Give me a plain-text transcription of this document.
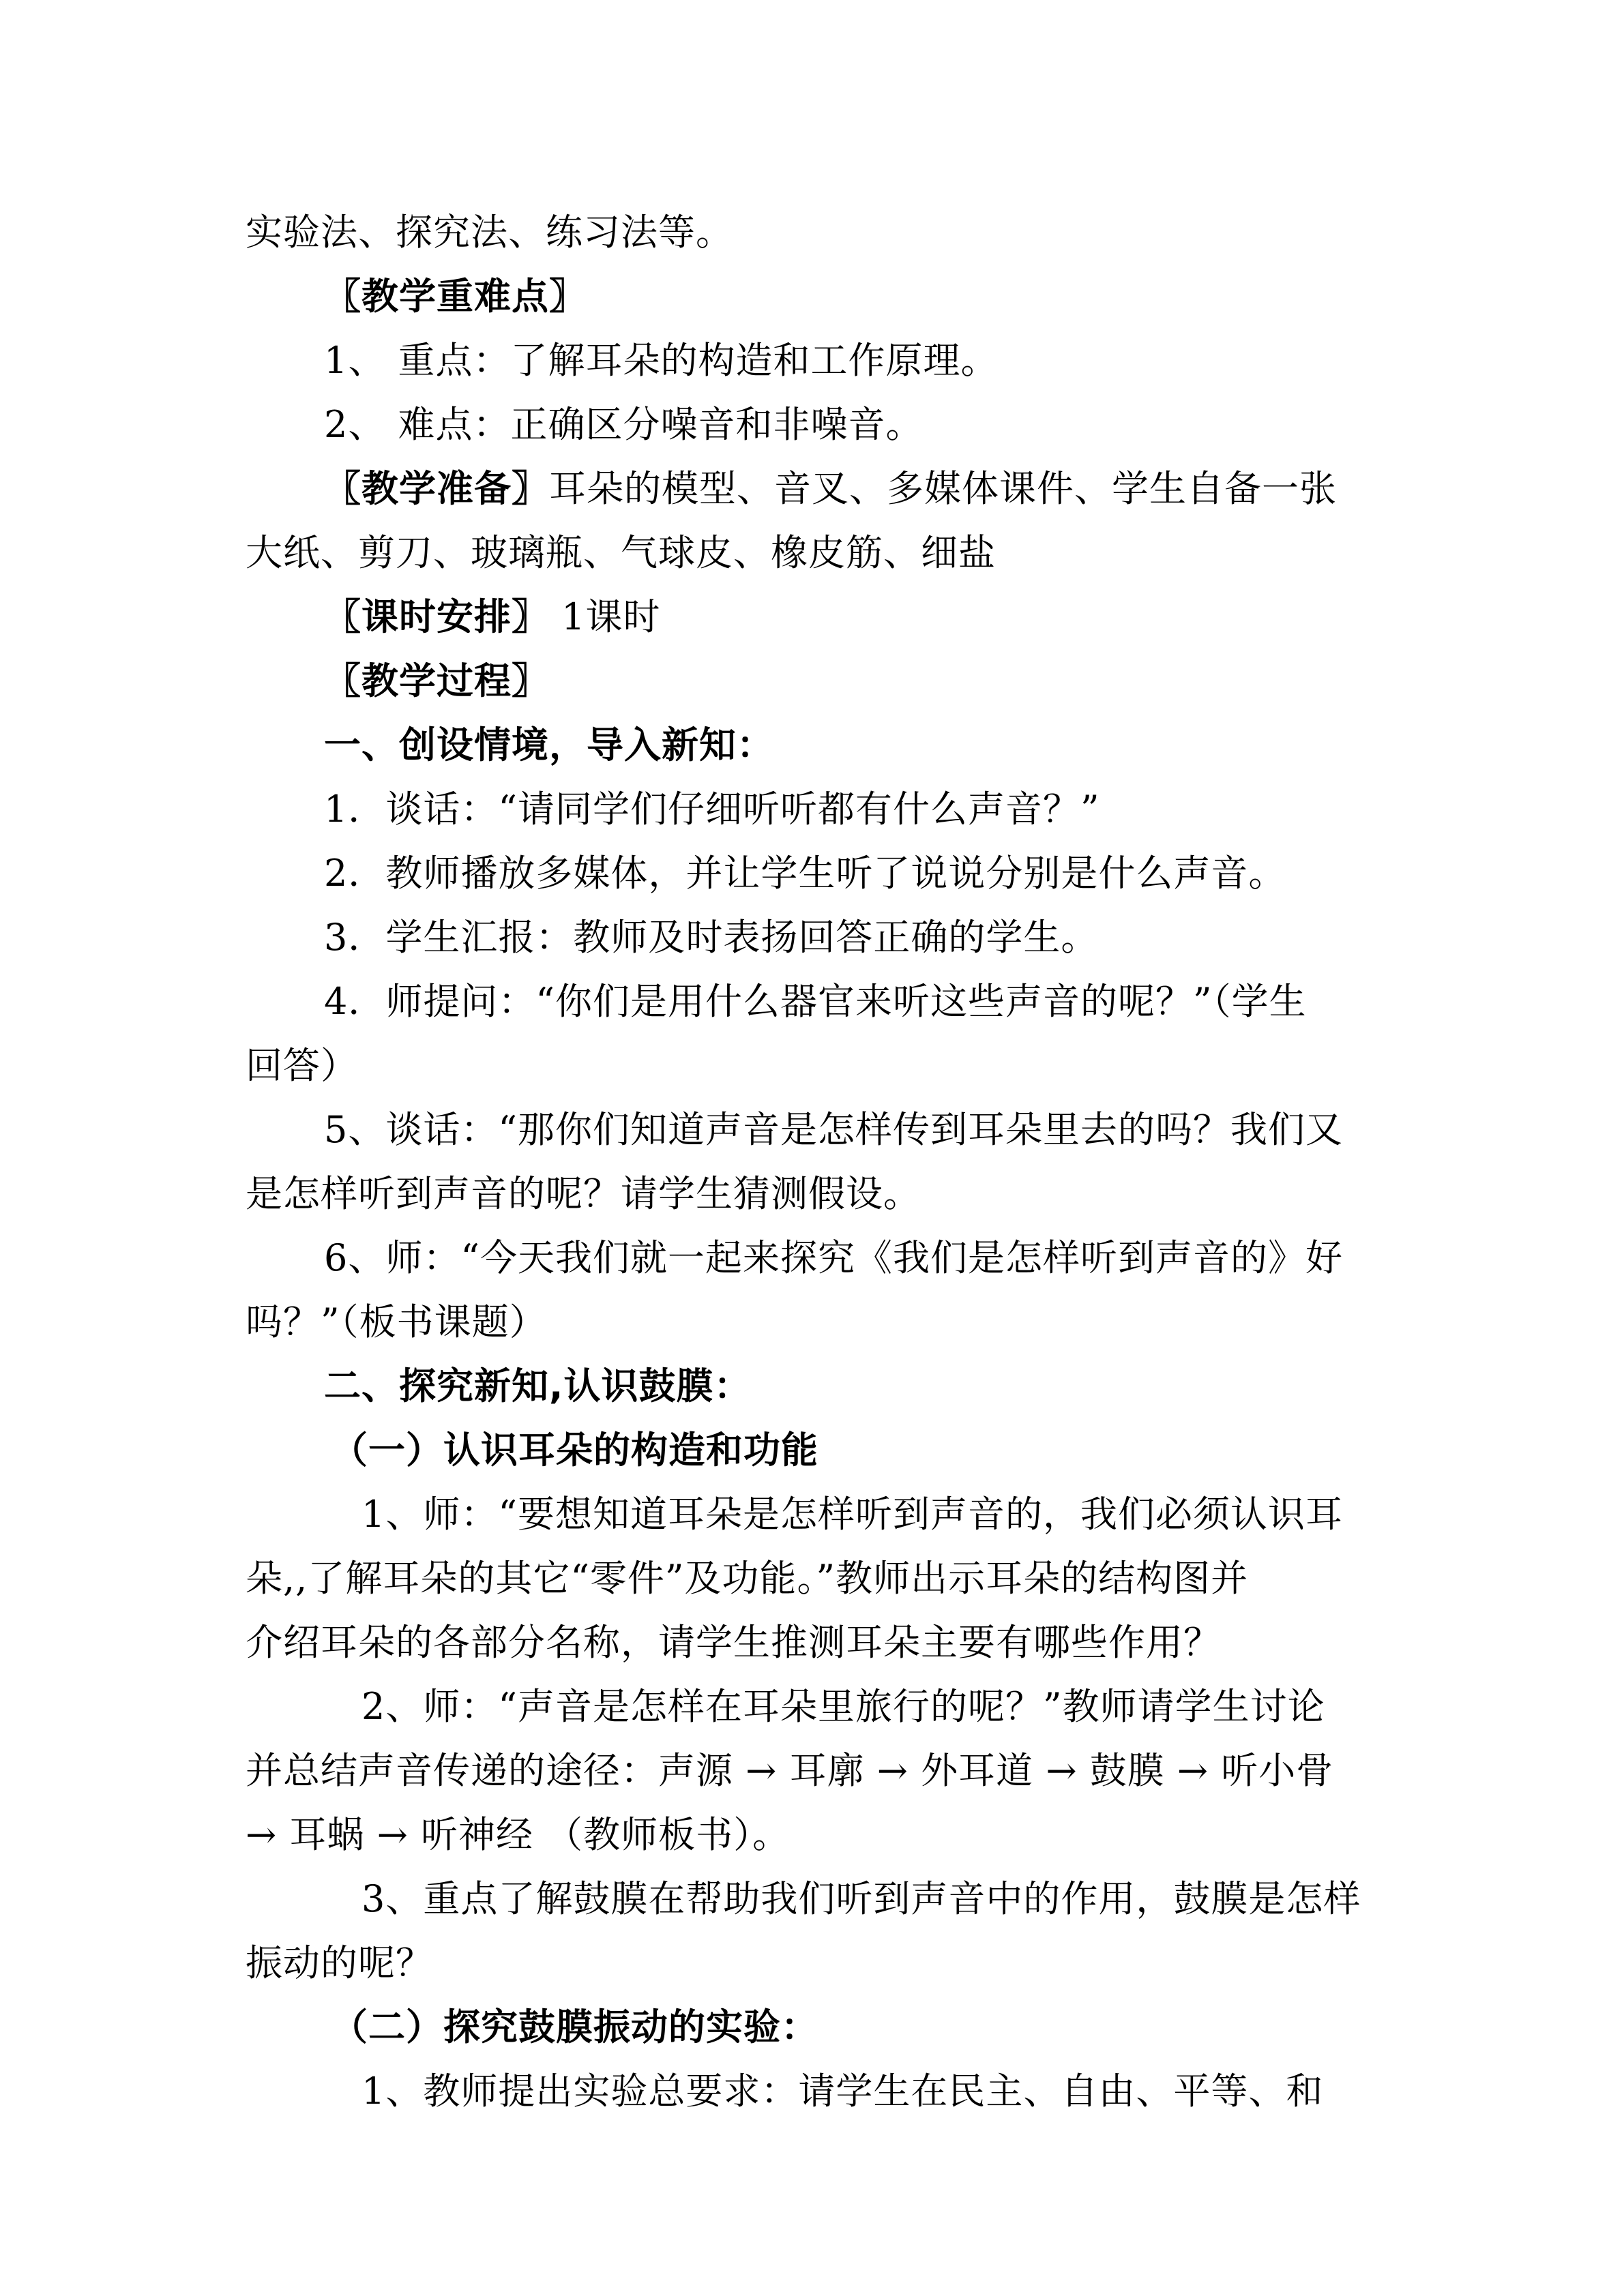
实验法、探究法、练习法等。
〖教学重难点〗
1、 重点：了解耳朵的构造和工作原理。
2、 难点：正确区分噪音和非噪音。
〖教学准备〗耳朵的模型、音叉、多媒体课件、学生自备一张
大纸、剪刀、玻璃瓶、气球皮、橡皮筋、细盐
〖课时安排〗 1课时
〖教学过程〗
一、创设情境，导入新知：
1．谈话：“请同学们仔细听听都有什么声音？”
2．教师播放多媒体，并让学生听了说说分别是什么声音。
3．学生汇报：教师及时表扬回答正确的学生。
4．师提问：“你们是用什么器官来听这些声音的呢？”（学生
回答）
5、谈话：“那你们知道声音是怎样传到耳朵里去的吗？我们又
是怎样听到声音的呢？请学生猜测假设。
6、师：“今天我们就一起来探究《我们是怎样听到声音的》好
吗？”（板书课题）
二、探究新知,认识鼓膜：
（一）认识耳朵的构造和功能
1、师：“要想知道耳朵是怎样听到声音的，我们必须认识耳
朵,,了解耳朵的其它“零件”及功能。”教师出示耳朵的结构图并
介绍耳朵的各部分名称，请学生推测耳朵主要有哪些作用？
2、师：“声音是怎样在耳朵里旅行的呢？”教师请学生讨论
并总结声音传递的途径：声源 → 耳廓 → 外耳道 → 鼓膜 → 听小骨
→ 耳蜗 → 听神经 （教师板书）。
3、重点了解鼓膜在帮助我们听到声音中的作用，鼓膜是怎样
振动的呢？
（二）探究鼓膜振动的实验：
1、教师提出实验总要求：请学生在民主、自由、平等、和
